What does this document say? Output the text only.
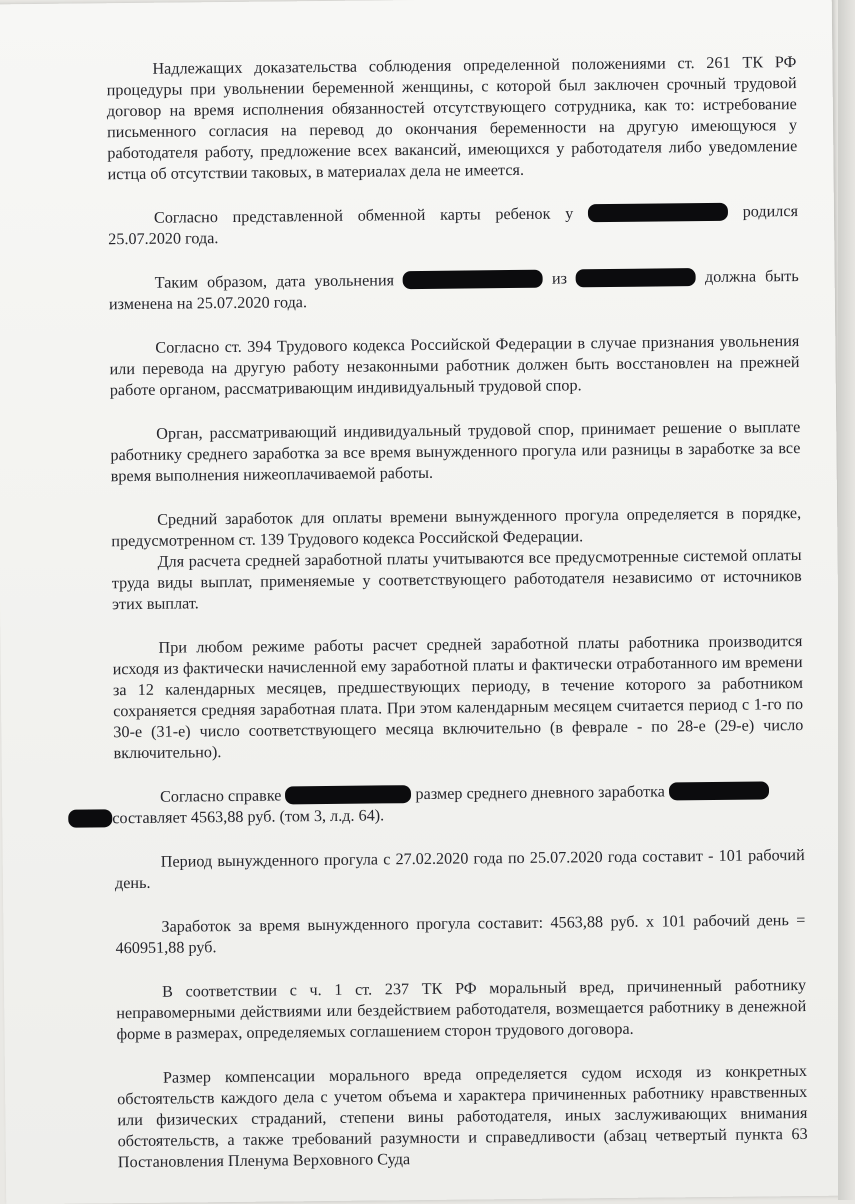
Надлежащих доказательства соблюдения определенной положениями ст. 261 ТК РФ процедуры при увольнении беременной женщины, с которой был заключен срочный трудовой договор на время исполнения обязанностей отсутствующего сотрудника, как то: истребование письменного согласия на перевод до окончания беременности на другую имеющуюся у работодателя работу, предложение всех вакансий, имеющихся у работодателя либо уведомление истца об отсутствии таковых, в материалах дела не имеется.

Согласно представленной обменной карты ребенок у	родился 25.07.2020 года.

Таким образом, дата увольнения	из	должна быть изменена на 25.07.2020 года.

Согласно ст. 394 Трудового кодекса Российской Федерации в случае признания увольнения или перевода на другую работу незаконными работник должен быть восстановлен на прежней работе органом, рассматривающим индивидуальный трудовой спор.

Орган, рассматривающий индивидуальный трудовой спор, принимает решение о выплате работнику среднего заработка за все время вынужденного прогула или разницы в заработке за все время выполнения нижеоплачиваемой работы.

Средний заработок для оплаты времени вынужденного прогула определяется в порядке, предусмотренном ст. 139 Трудового кодекса Российской Федерации.

Для расчета средней заработной платы учитываются все предусмотренные системой оплаты труда виды выплат, применяемые у соответствующего работодателя независимо от источников этих выплат.

При любом режиме работы расчет средней заработной платы работника производится исходя из фактически начисленной ему заработной платы и фактически отработанного им времени за 12 календарных месяцев, предшествующих периоду, в течение которого за работником сохраняется средняя заработная плата. При этом календарным месяцем считается период с 1-го по 30-е (31-е) число соответствующего месяца включительно (в феврале - по 28-е (29-е) число включительно).

Согласно справке	размер среднего дневного заработка
составляет 4563,88 руб. (том 3, л.д. 64).

Период вынужденного прогула с 27.02.2020 года по 25.07.2020 года составит - 101 рабочий день.

Заработок за время вынужденного прогула составит: 4563,88 руб. х 101 рабочий день = 460951,88 руб.

В соответствии с ч. 1 ст. 237 ТК РФ моральный вред, причиненный работнику неправомерными действиями или бездействием работодателя, возмещается работнику в денежной форме в размерах, определяемых соглашением сторон трудового договора.

Размер компенсации морального вреда определяется судом исходя из конкретных обстоятельств каждого дела с учетом объема и характера причиненных работнику нравственных или физических страданий, степени вины работодателя, иных заслуживающих внимания обстоятельств, а также требований разумности и справедливости (абзац четвертый пункта 63 Постановления Пленума Верховного Суда
